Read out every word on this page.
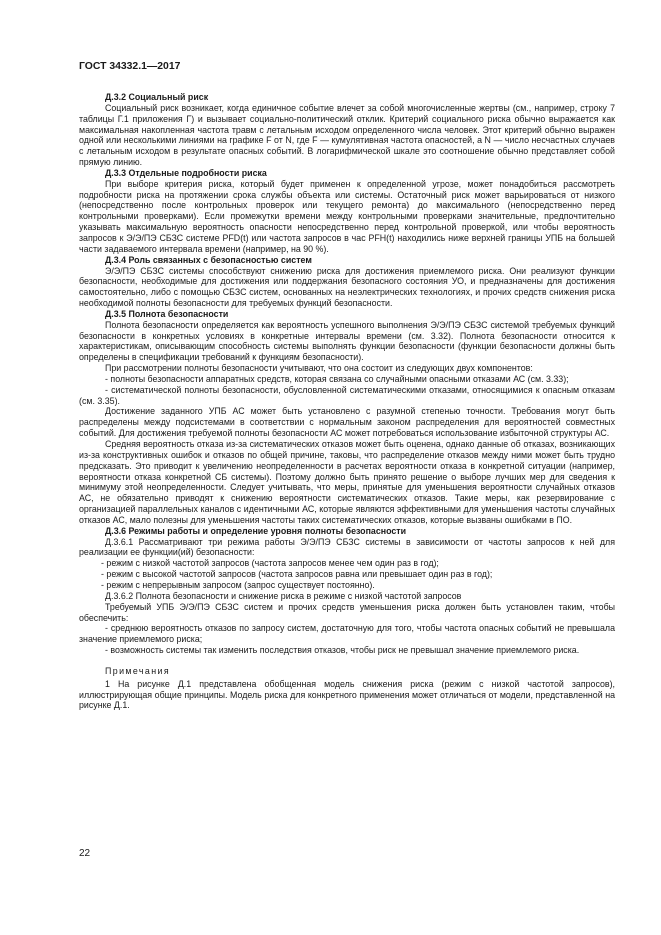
ГОСТ 34332.1—2017

Д.3.2 Социальный риск

Социальный риск возникает, когда единичное событие влечет за собой многочисленные жертвы (см., например, строку 7 таблицы Г.1 приложения Г) и вызывает социально-политический отклик. Критерий социального риска обычно выражается как максимальная накопленная частота травм с летальным исходом определенного числа человек. Этот критерий обычно выражен одной или несколькими линиями на графике F от N, где F — кумулятивная частота опасностей, а N — число несчастных случаев с летальным исходом в результате опасных событий. В логарифмической шкале это соотношение обычно представляет собой прямую линию.

Д.3.3 Отдельные подробности риска

При выборе критерия риска, который будет применен к определенной угрозе, может понадобиться рассмотреть подробности риска на протяжении срока службы объекта или системы. Остаточный риск может варьироваться от низкого (непосредственно после контрольных проверок или текущего ремонта) до максимального (непосредственно перед контрольными проверками). Если промежутки времени между контрольными проверками значительные, предпочтительно указывать максимальную вероятность опасности непосредственно перед контрольной проверкой, или чтобы вероятность запросов к Э/Э/ПЭ СБЗС системе PFD(t) или частота запросов в час PFH(t) находились ниже верхней границы УПБ на большей части задаваемого интервала времени (например, на 90 %).

Д.3.4 Роль связанных с безопасностью систем

Э/Э/ПЭ СБЗС системы способствуют снижению риска для достижения приемлемого риска. Они реализуют функции безопасности, необходимые для достижения или поддержания безопасного состояния УО, и предназначены для достижения самостоятельно, либо с помощью СБЗС систем, основанных на неэлектрических технологиях, и прочих средств снижения риска необходимой полноты безопасности для требуемых функций безопасности.

Д.3.5 Полнота безопасности

Полнота безопасности определяется как вероятность успешного выполнения Э/Э/ПЭ СБЗС системой требуемых функций безопасности в конкретных условиях в конкретные интервалы времени (см. 3.32). Полнота безопасности относится к характеристикам, описывающим способность системы выполнять функции безопасности (функции безопасности должны быть определены в спецификации требований к функциям безопасности).

При рассмотрении полноты безопасности учитывают, что она состоит из следующих двух компонентов:

- полноты безопасности аппаратных средств, которая связана со случайными опасными отказами АС (см. 3.33);

- систематической полноты безопасности, обусловленной систематическими отказами, относящимися к опасным отказам (см. 3.35).

Достижение заданного УПБ АС может быть установлено с разумной степенью точности. Требования могут быть распределены между подсистемами в соответствии с нормальным законом распределения для вероятностей совместных событий. Для достижения требуемой полноты безопасности АС может потребоваться использование избыточной структуры АС.

Средняя вероятность отказа из-за систематических отказов может быть оценена, однако данные об отказах, возникающих из-за конструктивных ошибок и отказов по общей причине, таковы, что распределение отказов между ними может быть трудно предсказать. Это приводит к увеличению неопределенности в расчетах вероятности отказа в конкретной ситуации (например, вероятности отказа конкретной СБ системы). Поэтому должно быть принято решение о выборе лучших мер для сведения к минимуму этой неопределенности. Следует учитывать, что меры, принятые для уменьшения вероятности случайных отказов АС, не обязательно приводят к снижению вероятности систематических отказов. Такие меры, как резервирование с организацией параллельных каналов с идентичными АС, которые являются эффективными для уменьшения частоты случайных отказов АС, мало полезны для уменьшения частоты таких систематических отказов, которые вызваны ошибками в ПО.

Д.3.6 Режимы работы и определение уровня полноты безопасности

Д.3.6.1 Рассматривают три режима работы Э/Э/ПЭ СБЗС системы в зависимости от частоты запросов к ней для реализации ее функции(ий) безопасности:

- режим с низкой частотой запросов (частота запросов менее чем один раз в год);

- режим с высокой частотой запросов (частота запросов равна или превышает один раз в год);

- режим с непрерывным запросом (запрос существует постоянно).

Д.3.6.2 Полнота безопасности и снижение риска в режиме с низкой частотой запросов

Требуемый УПБ Э/Э/ПЭ СБЗС систем и прочих средств уменьшения риска должен быть установлен таким, чтобы обеспечить:

- среднюю вероятность отказов по запросу систем, достаточную для того, чтобы частота опасных событий не превышала значение приемлемого риска;

- возможность системы так изменить последствия отказов, чтобы риск не превышал значение приемлемого риска.

Примечания

1 На рисунке Д.1 представлена обобщенная модель снижения риска (режим с низкой частотой запросов), иллюстрирующая общие принципы. Модель риска для конкретного применения может отличаться от модели, представленной на рисунке Д.1.

22
